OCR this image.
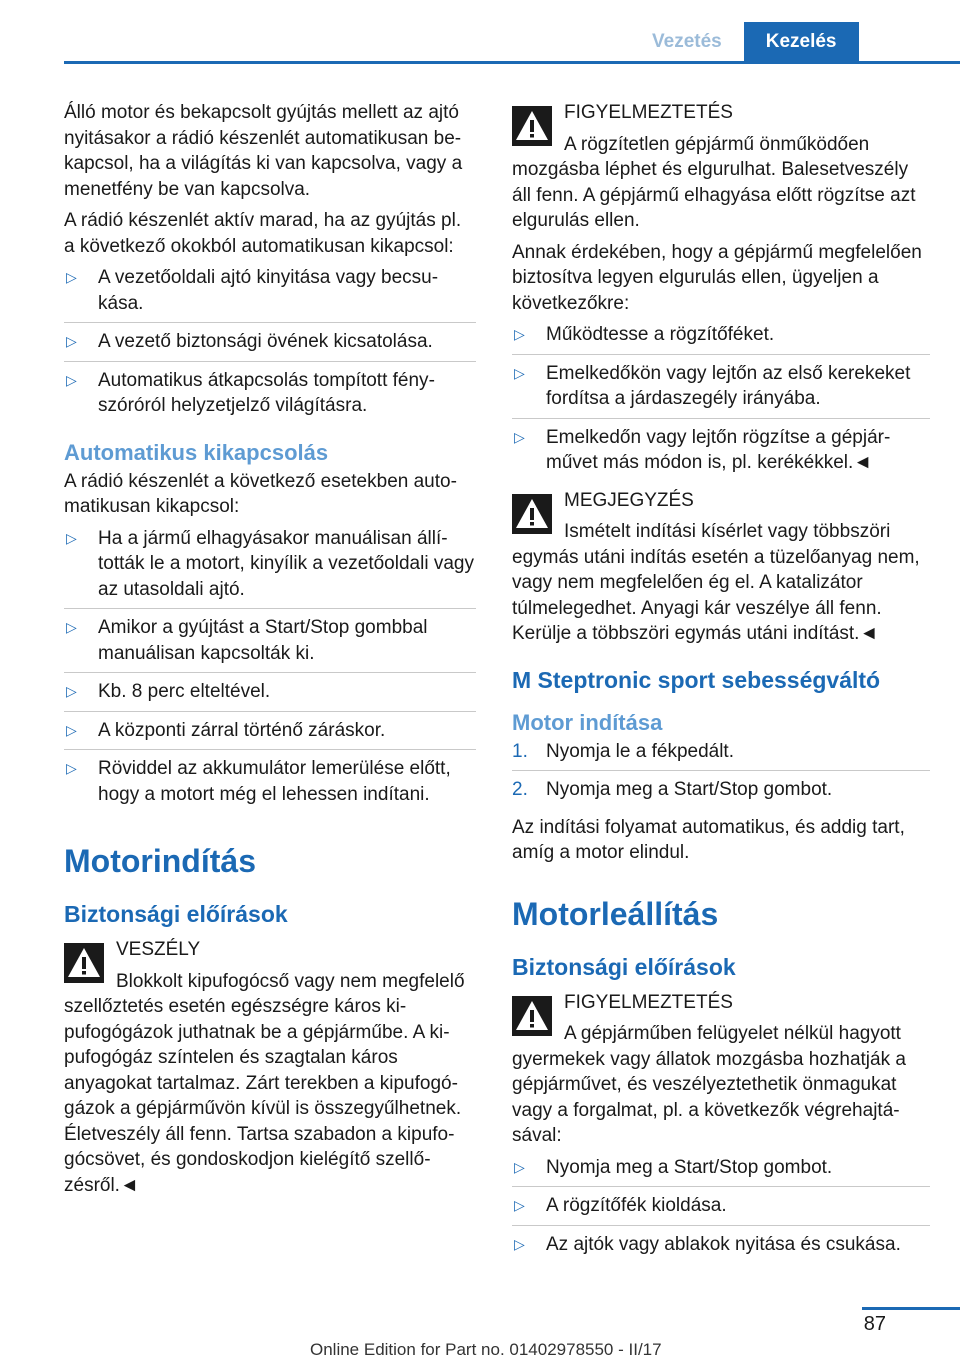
Vezetés	Kezelés

Álló motor és bekapcsolt gyújtás mellett az ajtó nyitásakor a rádió készenlét automatikusan bekapcsol, ha a világítás ki van kapcsolva, vagy a menetfény be van kapcsolva.

A rádió készenlét aktív marad, ha az gyújtás pl. a következő okokból automatikusan kikapcsol:

▷ A vezetőoldali ajtó kinyitása vagy becsukása.
▷ A vezető biztonsági övének kicsatolása.
▷ Automatikus átkapcsolás tompított fényszóróról helyzetjelző világításra.
Automatikus kikapcsolás

A rádió készenlét a következő esetekben automatikusan kikapcsol:

▷ Ha a jármű elhagyásakor manuálisan állították le a motort, kinyílik a vezetőoldali vagy az utasoldali ajtó.
▷ Amikor a gyújtást a Start/Stop gombbal manuálisan kapcsolták ki.
▷ Kb. 8 perc elteltével.
▷ A központi zárral történő záráskor.
▷ Röviddel az akkumulátor lemerülése előtt, hogy a motort még el lehessen indítani.
Motorindítás
Biztonsági előírások

VESZÉLY

Blokkolt kipufogócső vagy nem megfelelő szellőztetés esetén egészségre káros kipufogógázok juthatnak be a gépjárműbe. A kipufogógáz színtelen és szagtalan káros anyagokat tartalmaz. Zárt terekben a kipufogógázok a gépjárművön kívül is összegyűlhetnek. Életveszély áll fenn. Tartsa szabadon a kipufogócsövet, és gondoskodjon kielégítő szellőzésről.◄

FIGYELMEZTETÉS

A rögzítetlen gépjármű önműködően mozgásba léphet és elgurulhat. Balesetveszély áll fenn. A gépjármű elhagyása előtt rögzítse azt elgurulás ellen.

Annak érdekében, hogy a gépjármű megfelelően biztosítva legyen elgurulás ellen, ügyeljen a következőkre:

▷ Működtesse a rögzítőféket.
▷ Emelkedőkön vagy lejtőn az első kerekeket fordítsa a járdaszegély irányába.
▷ Emelkedőn vagy lejtőn rögzítse a gépjárművet más módon is, pl. kerékékkel.◄

MEGJEGYZÉS

Ismételt indítási kísérlet vagy többszöri egymás utáni indítás esetén a tüzelőanyag nem, vagy nem megfelelően ég el. A katalizátor túlmelegedhet. Anyagi kár veszélye áll fenn. Kerülje a többszöri egymás utáni indítást.◄

M Steptronic sport sebességváltó
Motor indítása
1. Nyomja le a fékpedált.
2. Nyomja meg a Start/Stop gombot.

Az indítási folyamat automatikus, és addig tart, amíg a motor elindul.

Motorleállítás
Biztonsági előírások

FIGYELMEZTETÉS

A gépjárműben felügyelet nélkül hagyott gyermekek vagy állatok mozgásba hozhatják a gépjárművet, és veszélyeztethetik önmagukat vagy a forgalmat, pl. a következők végrehajtásával:

▷ Nyomja meg a Start/Stop gombot.
▷ A rögzítőfék kioldása.
▷ Az ajtók vagy ablakok nyitása és csukása.
87
Online Edition for Part no. 01402978550 - II/17
